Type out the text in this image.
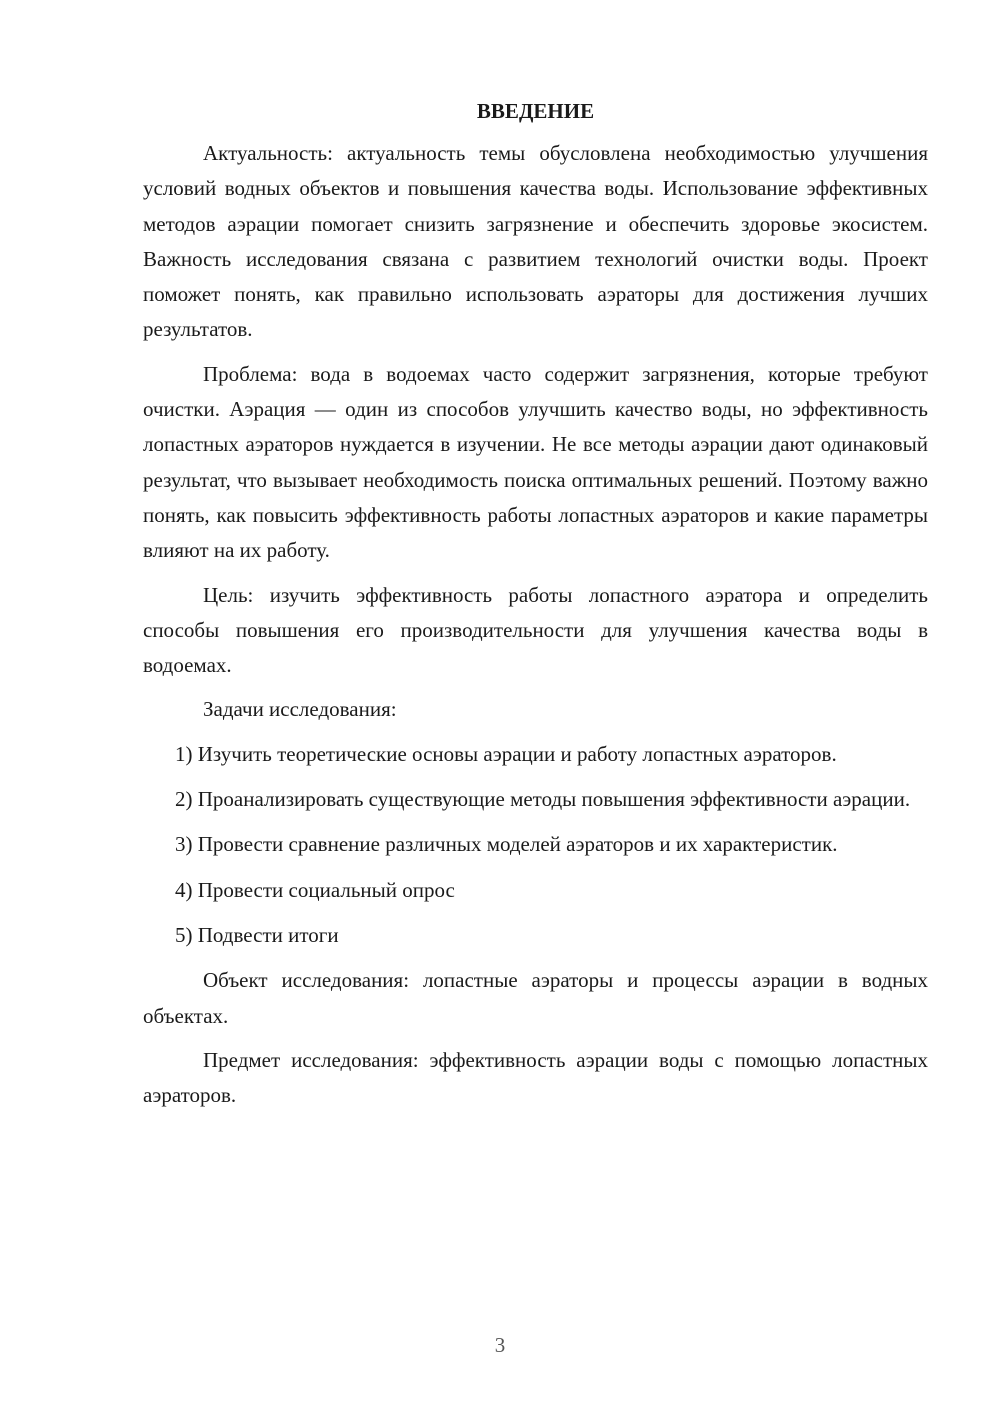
ВВЕДЕНИЕ

Актуальность: актуальность темы обусловлена необходимостью улучшения условий водных объектов и повышения качества воды. Использование эффективных методов аэрации помогает снизить загрязнение и обеспечить здоровье экосистем. Важность исследования связана с развитием технологий очистки воды. Проект поможет понять, как правильно использовать аэраторы для достижения лучших результатов.

Проблема: вода в водоемах часто содержит загрязнения, которые требуют очистки. Аэрация — один из способов улучшить качество воды, но эффективность лопастных аэраторов нуждается в изучении. Не все методы аэрации дают одинаковый результат, что вызывает необходимость поиска оптимальных решений. Поэтому важно понять, как повысить эффективность работы лопастных аэраторов и какие параметры влияют на их работу.

Цель: изучить эффективность работы лопастного аэратора и определить способы повышения его производительности для улучшения качества воды в водоемах.

Задачи исследования:

1) Изучить теоретические основы аэрации и работу лопастных аэраторов.

2) Проанализировать существующие методы повышения эффективности аэрации.

3) Провести сравнение различных моделей аэраторов и их характеристик.

4) Провести социальный опрос

5) Подвести итоги

Объект исследования: лопастные аэраторы и процессы аэрации в водных объектах.

Предмет исследования: эффективность аэрации воды с помощью лопастных аэраторов.

3
